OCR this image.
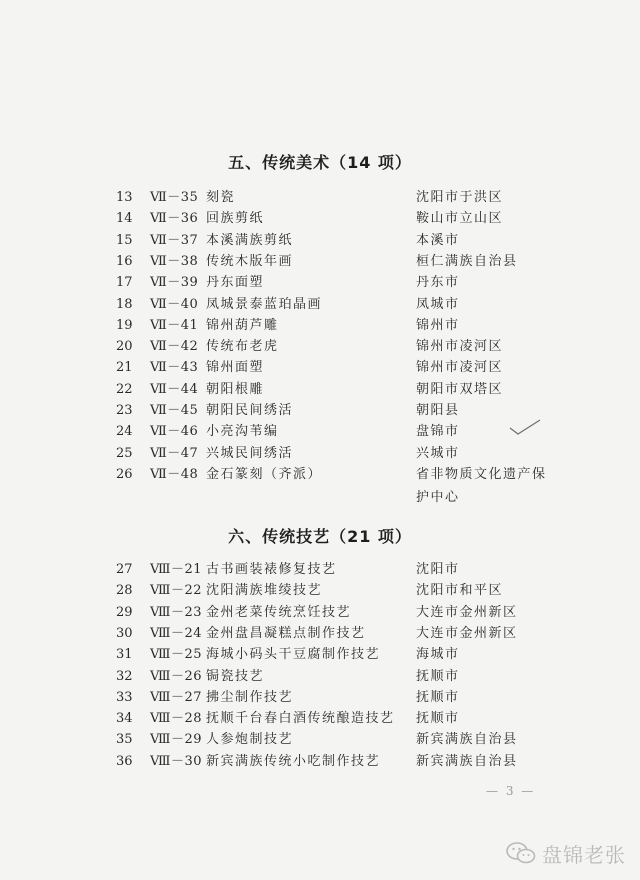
五、传统美术（14 项）
13 Ⅶ－35 刻瓷	沈阳市于洪区
14 Ⅶ－36 回族剪纸	鞍山市立山区
15 Ⅶ－37 本溪满族剪纸	本溪市
16 Ⅶ－38 传统木版年画	桓仁满族自治县
17 Ⅶ－39 丹东面塑	丹东市
18 Ⅶ－40 凤城景泰蓝珀晶画	凤城市
19 Ⅶ－41 锦州葫芦雕	锦州市
20 Ⅶ－42 传统布老虎	锦州市凌河区
21 Ⅶ－43 锦州面塑	锦州市凌河区
22 Ⅶ－44 朝阳根雕	朝阳市双塔区
23 Ⅶ－45 朝阳民间绣活	朝阳县
24 Ⅶ－46 小亮沟苇编	盘锦市
25 Ⅶ－47 兴城民间绣活	兴城市
26 Ⅶ－48 金石篆刻（齐派）	省非物质文化遗产保
护中心
六、传统技艺（21 项）
27 Ⅷ－21 古书画装裱修复技艺	沈阳市
28 Ⅷ－22 沈阳满族堆绫技艺	沈阳市和平区
29 Ⅷ－23 金州老菜传统烹饪技艺	大连市金州新区
30 Ⅷ－24 金州盘昌凝糕点制作技艺	大连市金州新区
31 Ⅷ－25 海城小码头干豆腐制作技艺	海城市
32 Ⅷ－26 锔瓷技艺	抚顺市
33 Ⅷ－27 拂尘制作技艺	抚顺市
34 Ⅷ－28 抚顺千台春白酒传统酿造技艺 抚顺市
35 Ⅷ－29 人参炮制技艺	新宾满族自治县
36 Ⅷ－30 新宾满族传统小吃制作技艺	新宾满族自治县
— 3 —
盘锦老张
